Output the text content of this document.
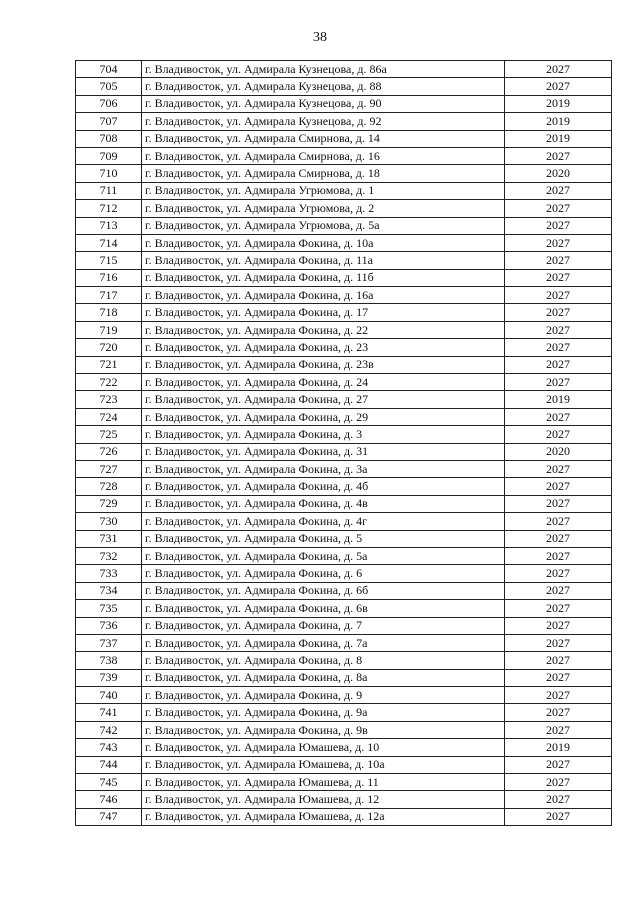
38
704	г. Владивосток, ул. Адмирала Кузнецова, д. 86а	2027
705	г. Владивосток, ул. Адмирала Кузнецова, д. 88	2027
706	г. Владивосток, ул. Адмирала Кузнецова, д. 90	2019
707	г. Владивосток, ул. Адмирала Кузнецова, д. 92	2019
708	г. Владивосток, ул. Адмирала Смирнова, д. 14	2019
709	г. Владивосток, ул. Адмирала Смирнова, д. 16	2027
710	г. Владивосток, ул. Адмирала Смирнова, д. 18	2020
711	г. Владивосток, ул. Адмирала Угрюмова, д. 1	2027
712	г. Владивосток, ул. Адмирала Угрюмова, д. 2	2027
713	г. Владивосток, ул. Адмирала Угрюмова, д. 5а	2027
714	г. Владивосток, ул. Адмирала Фокина, д. 10а	2027
715	г. Владивосток, ул. Адмирала Фокина, д. 11а	2027
716	г. Владивосток, ул. Адмирала Фокина, д. 11б	2027
717	г. Владивосток, ул. Адмирала Фокина, д. 16а	2027
718	г. Владивосток, ул. Адмирала Фокина, д. 17	2027
719	г. Владивосток, ул. Адмирала Фокина, д. 22	2027
720	г. Владивосток, ул. Адмирала Фокина, д. 23	2027
721	г. Владивосток, ул. Адмирала Фокина, д. 23в	2027
722	г. Владивосток, ул. Адмирала Фокина, д. 24	2027
723	г. Владивосток, ул. Адмирала Фокина, д. 27	2019
724	г. Владивосток, ул. Адмирала Фокина, д. 29	2027
725	г. Владивосток, ул. Адмирала Фокина, д. 3	2027
726	г. Владивосток, ул. Адмирала Фокина, д. 31	2020
727	г. Владивосток, ул. Адмирала Фокина, д. 3а	2027
728	г. Владивосток, ул. Адмирала Фокина, д. 4б	2027
729	г. Владивосток, ул. Адмирала Фокина, д. 4в	2027
730	г. Владивосток, ул. Адмирала Фокина, д. 4г	2027
731	г. Владивосток, ул. Адмирала Фокина, д. 5	2027
732	г. Владивосток, ул. Адмирала Фокина, д. 5а	2027
733	г. Владивосток, ул. Адмирала Фокина, д. 6	2027
734	г. Владивосток, ул. Адмирала Фокина, д. 6б	2027
735	г. Владивосток, ул. Адмирала Фокина, д. 6в	2027
736	г. Владивосток, ул. Адмирала Фокина, д. 7	2027
737	г. Владивосток, ул. Адмирала Фокина, д. 7а	2027
738	г. Владивосток, ул. Адмирала Фокина, д. 8	2027
739	г. Владивосток, ул. Адмирала Фокина, д. 8а	2027
740	г. Владивосток, ул. Адмирала Фокина, д. 9	2027
741	г. Владивосток, ул. Адмирала Фокина, д. 9а	2027
742	г. Владивосток, ул. Адмирала Фокина, д. 9в	2027
743	г. Владивосток, ул. Адмирала Юмашева, д. 10	2019
744	г. Владивосток, ул. Адмирала Юмашева, д. 10а	2027
745	г. Владивосток, ул. Адмирала Юмашева, д. 11	2027
746	г. Владивосток, ул. Адмирала Юмашева, д. 12	2027
747	г. Владивосток, ул. Адмирала Юмашева, д. 12а	2027
